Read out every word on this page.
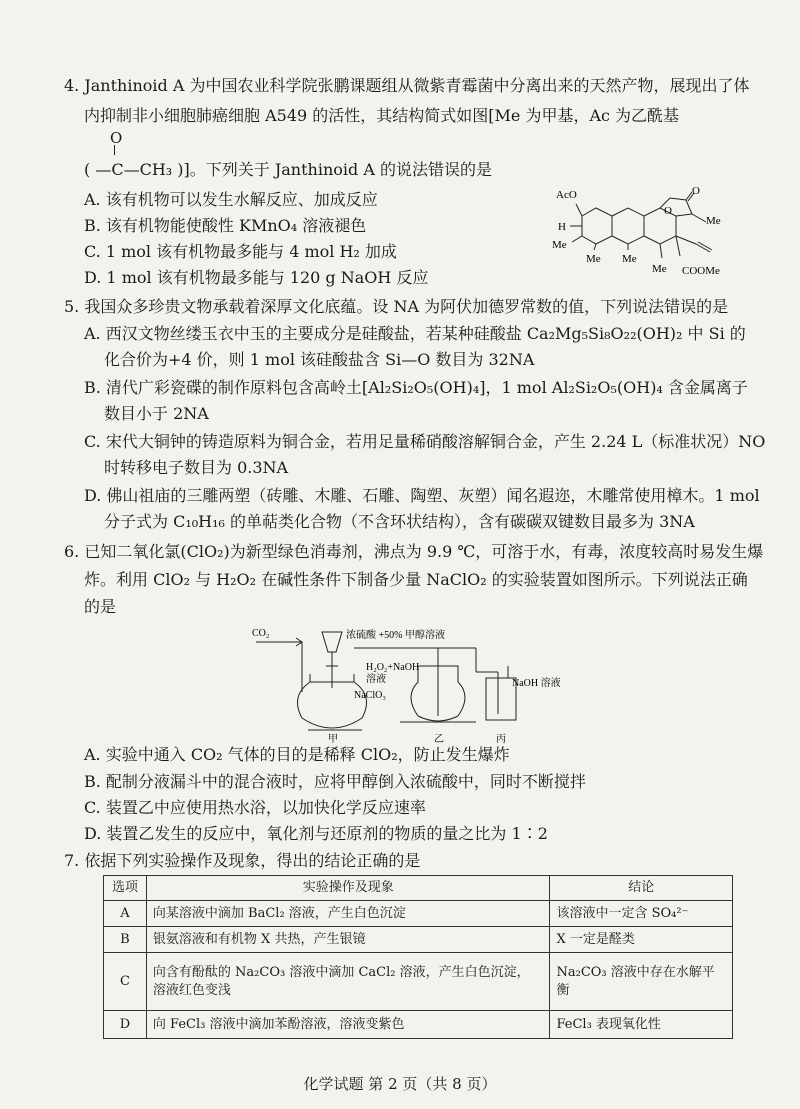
4. Janthinoid A 为中国农业科学院张鹏课题组从微紫青霉菌中分离出来的天然产物，展现出了体
内抑制非小细胞肺癌细胞 A549 的活性，其结构简式如图[Me 为甲基，Ac 为乙酰基
O
( —C—CH₃ )]。下列关于 Janthinoid A 的说法错误的是
A. 该有机物可以发生水解反应、加成反应
B. 该有机物能使酸性 KMnO₄ 溶液褪色
C. 1 mol 该有机物最多能与 4 mol H₂ 加成
D. 1 mol 该有机物最多能与 120 g NaOH 反应
AcO
H
Me
Me Me
Me
Me
O
O
COOMe
5. 我国众多珍贵文物承载着深厚文化底蕴。设 NA 为阿伏加德罗常数的值，下列说法错误的是
A. 西汉文物丝缕玉衣中玉的主要成分是硅酸盐，若某种硅酸盐 Ca₂Mg₅Si₈O₂₂(OH)₂ 中 Si 的
化合价为+4 价，则 1 mol 该硅酸盐含 Si—O 数目为 32NA
B. 清代广彩瓷碟的制作原料包含高岭土[Al₂Si₂O₅(OH)₄]，1 mol Al₂Si₂O₅(OH)₄ 含金属离子
数目小于 2NA
C. 宋代大铜钟的铸造原料为铜合金，若用足量稀硝酸溶解铜合金，产生 2.24 L（标准状况）NO
时转移电子数目为 0.3NA
D. 佛山祖庙的三雕两塑（砖雕、木雕、石雕、陶塑、灰塑）闻名遐迩，木雕常使用樟木。1 mol
分子式为 C₁₀H₁₆ 的单萜类化合物（不含环状结构），含有碳碳双键数目最多为 3NA
6. 已知二氧化氯(ClO₂)为新型绿色消毒剂，沸点为 9.9 ℃，可溶于水，有毒，浓度较高时易发生爆
炸。利用 ClO₂ 与 H₂O₂ 在碱性条件下制备少量 NaClO₂ 的实验装置如图所示。下列说法正确
的是
CO₂	浓硫酸 +50% 甲醇溶液
H₂O₂+NaOH
溶液	NaOH 溶液
NaClO₃
甲	乙	丙
A. 实验中通入 CO₂ 气体的目的是稀释 ClO₂，防止发生爆炸
B. 配制分液漏斗中的混合液时，应将甲醇倒入浓硫酸中，同时不断搅拌
C. 装置乙中应使用热水浴，以加快化学反应速率
D. 装置乙发生的反应中，氧化剂与还原剂的物质的量之比为 1∶2
7. 依据下列实验操作及现象，得出的结论正确的是
选项	实验操作及现象	结论
A	向某溶液中滴加 BaCl₂ 溶液，产生白色沉淀	该溶液中一定含 SO₄²⁻
B	银氨溶液和有机物 X 共热，产生银镜	X 一定是醛类
C	向含有酚酞的 Na₂CO₃ 溶液中滴加 CaCl₂ 溶液，产生白色沉淀，
溶液红色变浅	Na₂CO₃ 溶液中存在水解平衡
D	向 FeCl₃ 溶液中滴加苯酚溶液，溶液变紫色	FeCl₃ 表现氧化性
化学试题 第 2 页（共 8 页）
